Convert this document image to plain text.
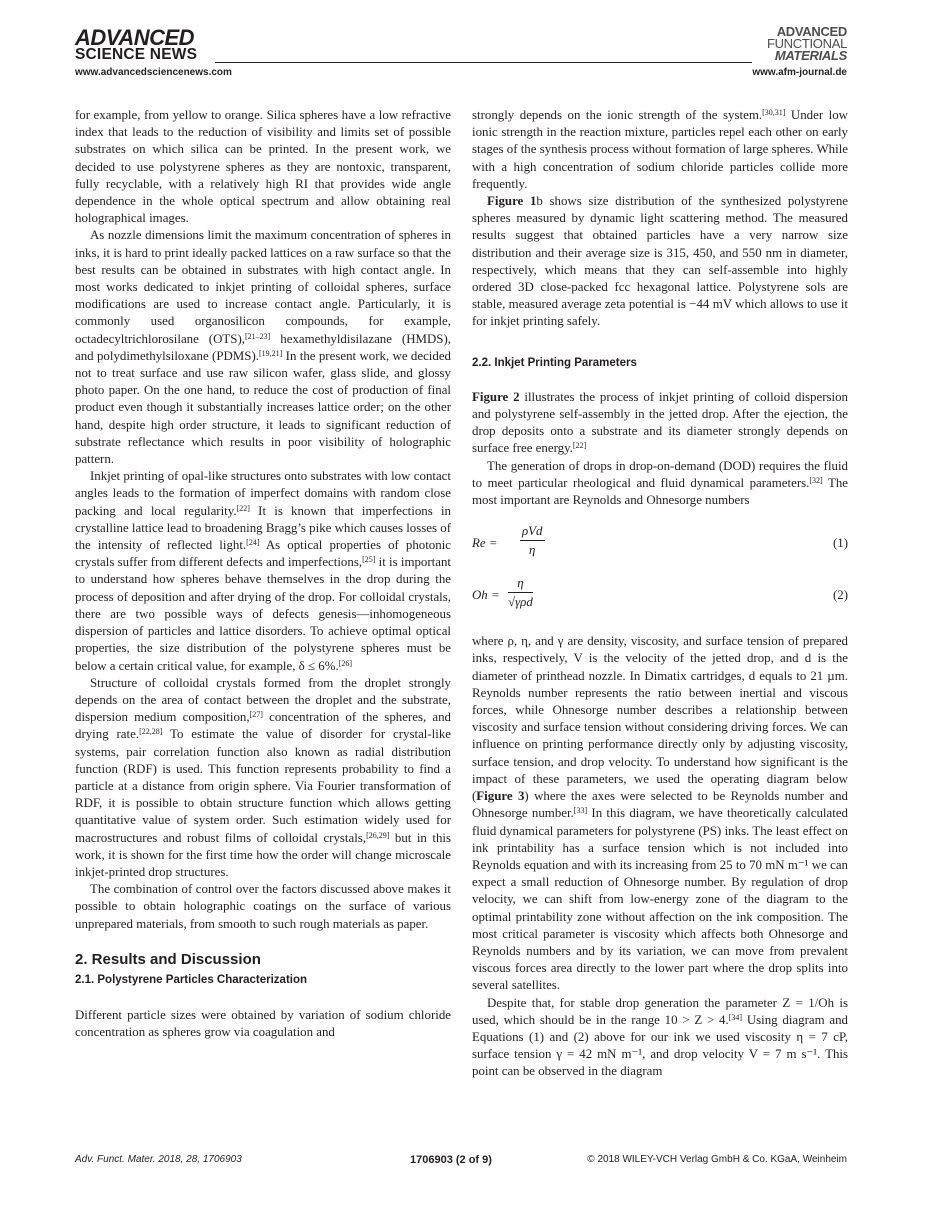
ADVANCED
SCIENCE NEWS
www.advancedsciencenews.com
ADVANCED
FUNCTIONAL
MATERIALS
www.afm-journal.de

for example, from yellow to orange. Silica spheres have a low refractive index that leads to the reduction of visibility and limits set of possible substrates on which silica can be printed. In the present work, we decided to use polystyrene spheres as they are nontoxic, transparent, fully recyclable, with a relatively high RI that provides wide angle dependence in the whole optical spectrum and allow obtaining real holographical images.

As nozzle dimensions limit the maximum concentration of spheres in inks, it is hard to print ideally packed lattices on a raw surface so that the best results can be obtained in substrates with high contact angle. In most works dedicated to inkjet printing of colloidal spheres, surface modifications are used to increase contact angle. Particularly, it is commonly used organosilicon compounds, for example, octadecyltrichlorosilane (OTS),[21–23] hexamethyldisilazane (HMDS), and polydimethylsiloxane (PDMS).[19,21] In the present work, we decided not to treat surface and use raw silicon wafer, glass slide, and glossy photo paper. On the one hand, to reduce the cost of production of final product even though it substantially increases lattice order; on the other hand, despite high order structure, it leads to significant reduction of substrate reflectance which results in poor visibility of holographic pattern.

Inkjet printing of opal-like structures onto substrates with low contact angles leads to the formation of imperfect domains with random close packing and local regularity.[22] It is known that imperfections in crystalline lattice lead to broadening Bragg’s pike which causes losses of the intensity of reflected light.[24] As optical properties of photonic crystals suffer from different defects and imperfections,[25] it is important to understand how spheres behave themselves in the drop during the process of deposition and after drying of the drop. For colloidal crystals, there are two possible ways of defects genesis—inhomogeneous dispersion of particles and lattice disorders. To achieve optimal optical properties, the size distribution of the polystyrene spheres must be below a certain critical value, for example, δ ≤ 6%.[26]

Structure of colloidal crystals formed from the droplet strongly depends on the area of contact between the droplet and the substrate, dispersion medium composition,[27] concentration of the spheres, and drying rate.[22,28] To estimate the value of disorder for crystal-like systems, pair correlation function also known as radial distribution function (RDF) is used. This function represents probability to find a particle at a distance from origin sphere. Via Fourier transformation of RDF, it is possible to obtain structure function which allows getting quantitative value of system order. Such estimation widely used for macrostructures and robust films of colloidal crystals,[26,29] but in this work, it is shown for the first time how the order will change microscale inkjet-printed drop structures.

The combination of control over the factors discussed above makes it possible to obtain holographic coatings on the surface of various unprepared materials, from smooth to such rough materials as paper.

2. Results and Discussion
2.1. Polystyrene Particles Characterization

Different particle sizes were obtained by variation of sodium chloride concentration as spheres grow via coagulation and

strongly depends on the ionic strength of the system.[30,31] Under low ionic strength in the reaction mixture, particles repel each other on early stages of the synthesis process without formation of large spheres. While with a high concentration of sodium chloride particles collide more frequently.

Figure 1b shows size distribution of the synthesized polystyrene spheres measured by dynamic light scattering method. The measured results suggest that obtained particles have a very narrow size distribution and their average size is 315, 450, and 550 nm in diameter, respectively, which means that they can self-assemble into highly ordered 3D close-packed fcc hexagonal lattice. Polystyrene sols are stable, measured average zeta potential is −44 mV which allows to use it for inkjet printing safely.

2.2. Inkjet Printing Parameters

Figure 2 illustrates the process of inkjet printing of colloid dispersion and polystyrene self-assembly in the jetted drop. After the ejection, the drop deposits onto a substrate and its diameter strongly depends on surface free energy.[22]

The generation of drops in drop-on-demand (DOD) requires the fluid to meet particular rheological and fluid dynamical parameters.[32] The most important are Reynolds and Ohnesorge numbers

Re =
ρVd
η	(1)
Oh =
η
√γρd	(2)

where ρ, η, and γ are density, viscosity, and surface tension of prepared inks, respectively, V is the velocity of the jetted drop, and d is the diameter of printhead nozzle. In Dimatix cartridges, d equals to 21 µm. Reynolds number represents the ratio between inertial and viscous forces, while Ohnesorge number describes a relationship between viscosity and surface tension without considering driving forces. We can influence on printing performance directly only by adjusting viscosity, surface tension, and drop velocity. To understand how significant is the impact of these parameters, we used the operating diagram below (Figure 3) where the axes were selected to be Reynolds number and Ohnesorge number.[33] In this diagram, we have theoretically calculated fluid dynamical parameters for polystyrene (PS) inks. The least effect on ink printability has a surface tension which is not included into Reynolds equation and with its increasing from 25 to 70 mN m⁻¹ we can expect a small reduction of Ohnesorge number. By regulation of drop velocity, we can shift from low-energy zone of the diagram to the optimal printability zone without affection on the ink composition. The most critical parameter is viscosity which affects both Ohnesorge and Reynolds numbers and by its variation, we can move from prevalent viscous forces area directly to the lower part where the drop splits into several satellites.

Despite that, for stable drop generation the parameter Z = 1/Oh is used, which should be in the range 10 > Z > 4.[34] Using diagram and Equations (1) and (2) above for our ink we used viscosity η = 7 cP, surface tension γ = 42 mN m⁻¹, and drop velocity V = 7 m s⁻¹. This point can be observed in the diagram

Adv. Funct. Mater. 2018, 28, 1706903	1706903 (2 of 9)	© 2018 WILEY-VCH Verlag GmbH & Co. KGaA, Weinheim
